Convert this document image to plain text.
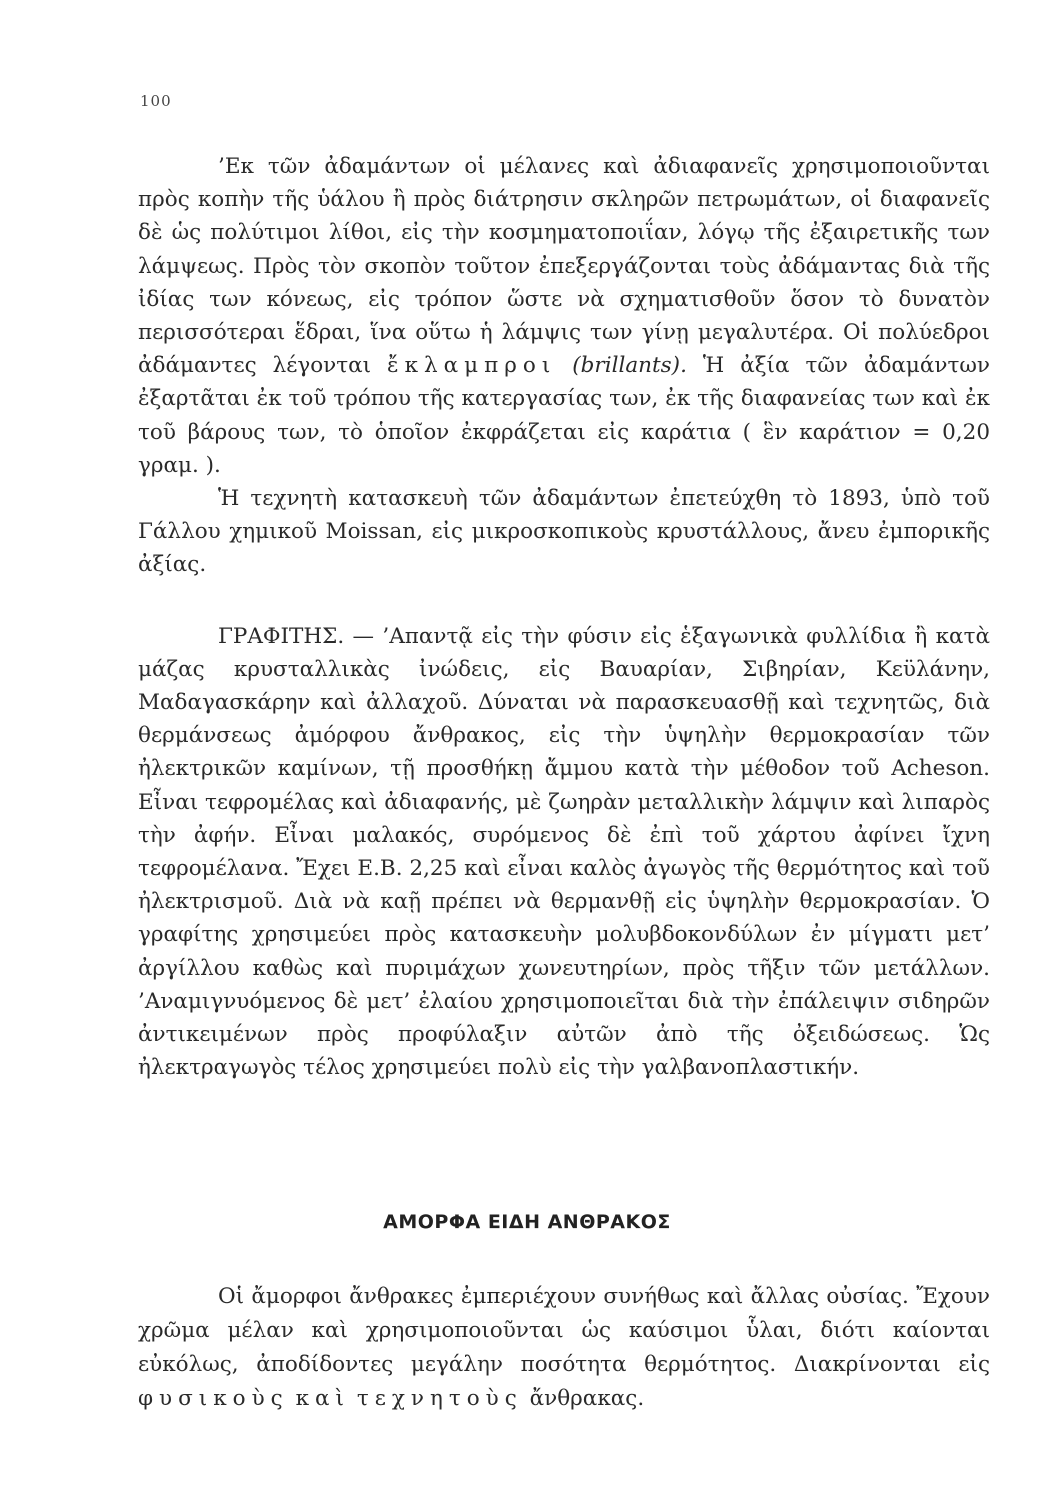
100

’Εκ τῶν ἀδαμάντων οἱ μέλανες καὶ ἀδιαφανεῖς χρησιμοποιοῦνται πρὸς κοπὴν τῆς ὑάλου ἢ πρὸς διάτρησιν σκληρῶν πετρωμάτων, οἱ διαφανεῖς δὲ ὡς πολύτιμοι λίθοι, εἰς τὴν κοσμηματοποιΐαν, λόγῳ τῆς ἐξαιρετικῆς των λάμψεως. Πρὸς τὸν σκοπὸν τοῦτον ἐπεξεργάζονται τοὺς ἀδάμαντας διὰ τῆς ἰδίας των κόνεως, εἰς τρόπον ὥστε νὰ σχηματισθοῦν ὅσον τὸ δυνατὸν περισσότεραι ἕδραι, ἵνα οὕτω ἡ λάμψις των γίνῃ μεγαλυτέρα. Οἱ πολύεδροι ἀδάμαντες λέγονται ἔκλαμπροι (brillants). Ἡ ἀξία τῶν ἀδαμάντων ἐξαρτᾶται ἐκ τοῦ τρόπου τῆς κατεργασίας των, ἐκ τῆς διαφανείας των καὶ ἐκ τοῦ βάρους των, τὸ ὁποῖον ἐκφράζεται εἰς καράτια ( ἓν καράτιον = 0,20 γραμ. ).

Ἡ τεχνητὴ κατασκευὴ τῶν ἀδαμάντων ἐπετεύχθη τὸ 1893, ὑπὸ τοῦ Γάλλου χημικοῦ Moissan, εἰς μικροσκοπικοὺς κρυστάλλους, ἄνευ ἐμπορικῆς ἀξίας.

ΓΡΑΦΙΤΗΣ. — ’Απαντᾷ εἰς τὴν φύσιν εἰς ἑξαγωνικὰ φυλλίδια ἢ κατὰ μάζας κρυσταλλικὰς ἰνώδεις, εἰς Βαυαρίαν, Σιβηρίαν, Κεϋλάνην, Μαδαγασκάρην καὶ ἀλλαχοῦ. Δύναται νὰ παρασκευασθῇ καὶ τεχνητῶς, διὰ θερμάνσεως ἀμόρφου ἄνθρακος, εἰς τὴν ὑψηλὴν θερμοκρασίαν τῶν ἠλεκτρικῶν καμίνων, τῇ προσθήκῃ ἄμμου κατὰ τὴν μέθοδον τοῦ Acheson. Εἶναι τεφρομέλας καὶ ἀδιαφανής, μὲ ζωηρὰν μεταλλικὴν λάμψιν καὶ λιπαρὸς τὴν ἀφήν. Εἶναι μαλακός, συρόμενος δὲ ἐπὶ τοῦ χάρτου ἀφίνει ἴχνη τεφρομέλανα. Ἔχει Ε.Β. 2,25 καὶ εἶναι καλὸς ἀγωγὸς τῆς θερμότητος καὶ τοῦ ἠλεκτρισμοῦ. Διὰ νὰ καῇ πρέπει νὰ θερμανθῇ εἰς ὑψηλὴν θερμοκρασίαν. Ὁ γραφίτης χρησιμεύει πρὸς κατασκευὴν μολυβδοκονδύλων ἐν μίγματι μετ’ ἀργίλλου καθὼς καὶ πυριμάχων χωνευτηρίων, πρὸς τῆξιν τῶν μετάλλων. ’Αναμιγνυόμενος δὲ μετ’ ἐλαίου χρησιμοποιεῖται διὰ τὴν ἐπάλειψιν σιδηρῶν ἀντικειμένων πρὸς προφύλαξιν αὐτῶν ἀπὸ τῆς ὀξειδώσεως. Ὡς ἠλεκτραγωγὸς τέλος χρησιμεύει πολὺ εἰς τὴν γαλβανοπλαστικήν.

ΑΜΟΡΦΑ ΕΙΔΗ ΑΝΘΡΑΚΟΣ

Οἱ ἄμορφοι ἄνθρακες ἐμπεριέχουν συνήθως καὶ ἄλλας οὐσίας. Ἔχουν χρῶμα μέλαν καὶ χρησιμοποιοῦνται ὡς καύσιμοι ὗλαι, διότι καίονται εὐκόλως, ἀποδίδοντες μεγάλην ποσότητα θερμότητος. Διακρίνονται εἰς φυσικοὺς καὶ τεχνητοὺς ἄνθρακας.
